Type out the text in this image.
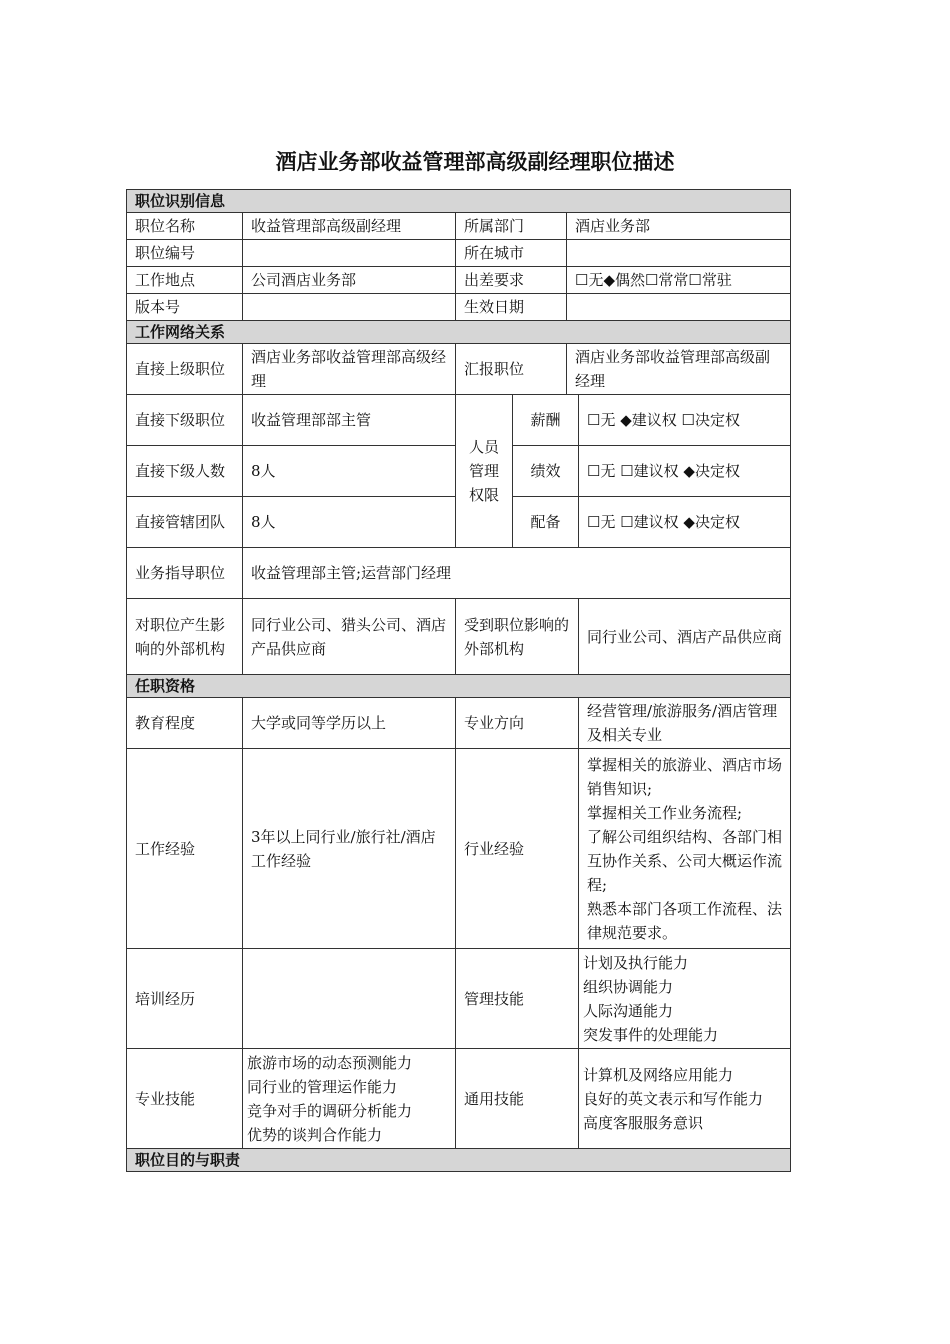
酒店业务部收益管理部高级副经理职位描述
职位识别信息					
职位名称	收益管理部高级副经理	所属部门		酒店业务部	
职位编号		所在城市			
工作地点	公司酒店业务部	出差要求		☐无◆偶然☐常常☐常驻	
版本号		生效日期			
工作网络关系					
直接上级职位	酒店业务部收益管理部高级经理	汇报职位		酒店业务部收益管理部高级副经理	
直接下级职位	收益管理部部主管	人员管理权限	薪酬		☐无 ◆建议权 ☐决定权
直接下级人数	8人		绩效		☐无 ☐建议权 ◆决定权
直接管辖团队	8人		配备		☐无 ☐建议权 ◆决定权
业务指导职位	收益管理部主管;运营部门经理				
对职位产生影响的外部机构	同行业公司、猎头公司、酒店产品供应商	受到职位影响的外部机构			同行业公司、酒店产品供应商
任职资格					
教育程度	大学或同等学历以上	专业方向			经营管理/旅游服务/酒店管理及相关专业
工作经验	3年以上同行业/旅行社/酒店工作经验	行业经验			掌握相关的旅游业、酒店市场销售知识;
掌握相关工作业务流程;
了解公司组织结构、各部门相互协作关系、公司大概运作流程;
熟悉本部门各项工作流程、法律规范要求。

培训经历		管理技能			计划及执行能力
组织协调能力
人际沟通能力
突发事件的处理能力

专业技能	旅游市场的动态预测能力
同行业的管理运作能力
竞争对手的调研分析能力
优势的谈判合作能力	通用技能			计算机及网络应用能力
良好的英文表示和写作能力
高度客服服务意识

职位目的与职责					
